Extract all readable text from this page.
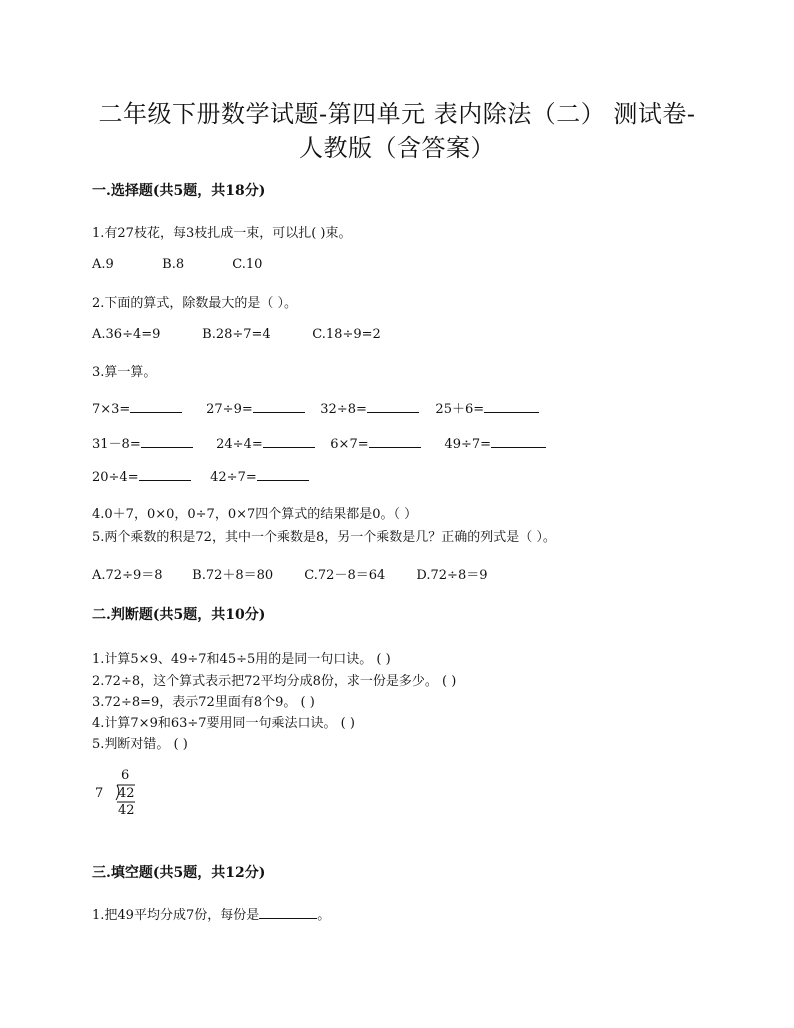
二年级下册数学试题-第四单元 表内除法（二） 测试卷-
人教版（含答案）
一.选择题(共5题，共18分)
1.有27枝花，每3枝扎成一束，可以扎( )束。
A.9	B.8	C.10
2.下面的算式，除数最大的是（ ）。
A.36÷4=9	B.28÷7=4	C.18÷9=2
3.算一算。
7×3=	27÷9=	32÷8=	25＋6=
31－8=	24÷4=	6×7=	49÷7=
20÷4=	42÷7=
4.0＋7，0×0，0÷7，0×7四个算式的结果都是0。（ ）
5.两个乘数的积是72，其中一个乘数是8，另一个乘数是几？正确的列式是（ ）。
A.72÷9＝8 B.72＋8＝80 C.72－8＝64 D.72÷8＝9
二.判断题(共5题，共10分)
1.计算5×9、49÷7和45÷5用的是同一句口诀。 ( )
2.72÷8，这个算式表示把72平均分成8份，求一份是多少。 ( )
3.72÷8=9，表示72里面有8个9。 ( )
4.计算7×9和63÷7要用同一句乘法口诀。 ( )
5.判断对错。 ( )
6
7 42
42
三.填空题(共5题，共12分)
1.把49平均分成7份，每份是	。
